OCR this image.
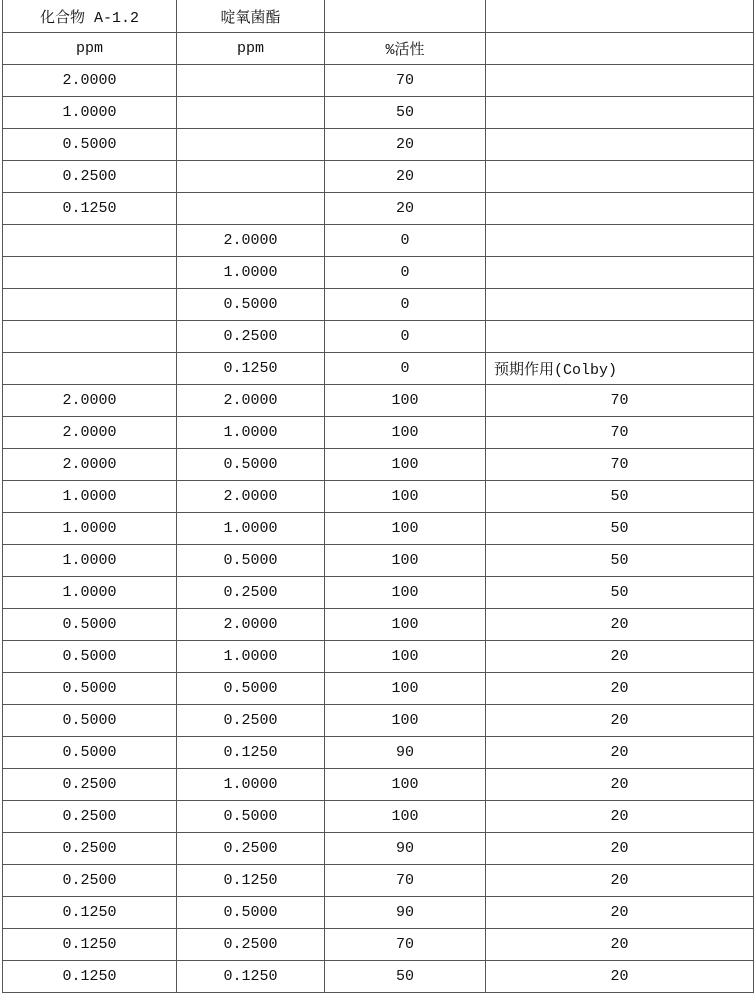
化合物 A-1.2	啶氧菌酯		
ppm	ppm	%活性	
2.0000		70	
1.0000		50	
0.5000		20	
0.2500		20	
0.1250		20	
	2.0000	0	
	1.0000	0	
	0.5000	0	
	0.2500	0	
	0.1250	0	预期作用(Colby)
2.0000	2.0000	100	70
2.0000	1.0000	100	70
2.0000	0.5000	100	70
1.0000	2.0000	100	50
1.0000	1.0000	100	50
1.0000	0.5000	100	50
1.0000	0.2500	100	50
0.5000	2.0000	100	20
0.5000	1.0000	100	20
0.5000	0.5000	100	20
0.5000	0.2500	100	20
0.5000	0.1250	90	20
0.2500	1.0000	100	20
0.2500	0.5000	100	20
0.2500	0.2500	90	20
0.2500	0.1250	70	20
0.1250	0.5000	90	20
0.1250	0.2500	70	20
0.1250	0.1250	50	20
